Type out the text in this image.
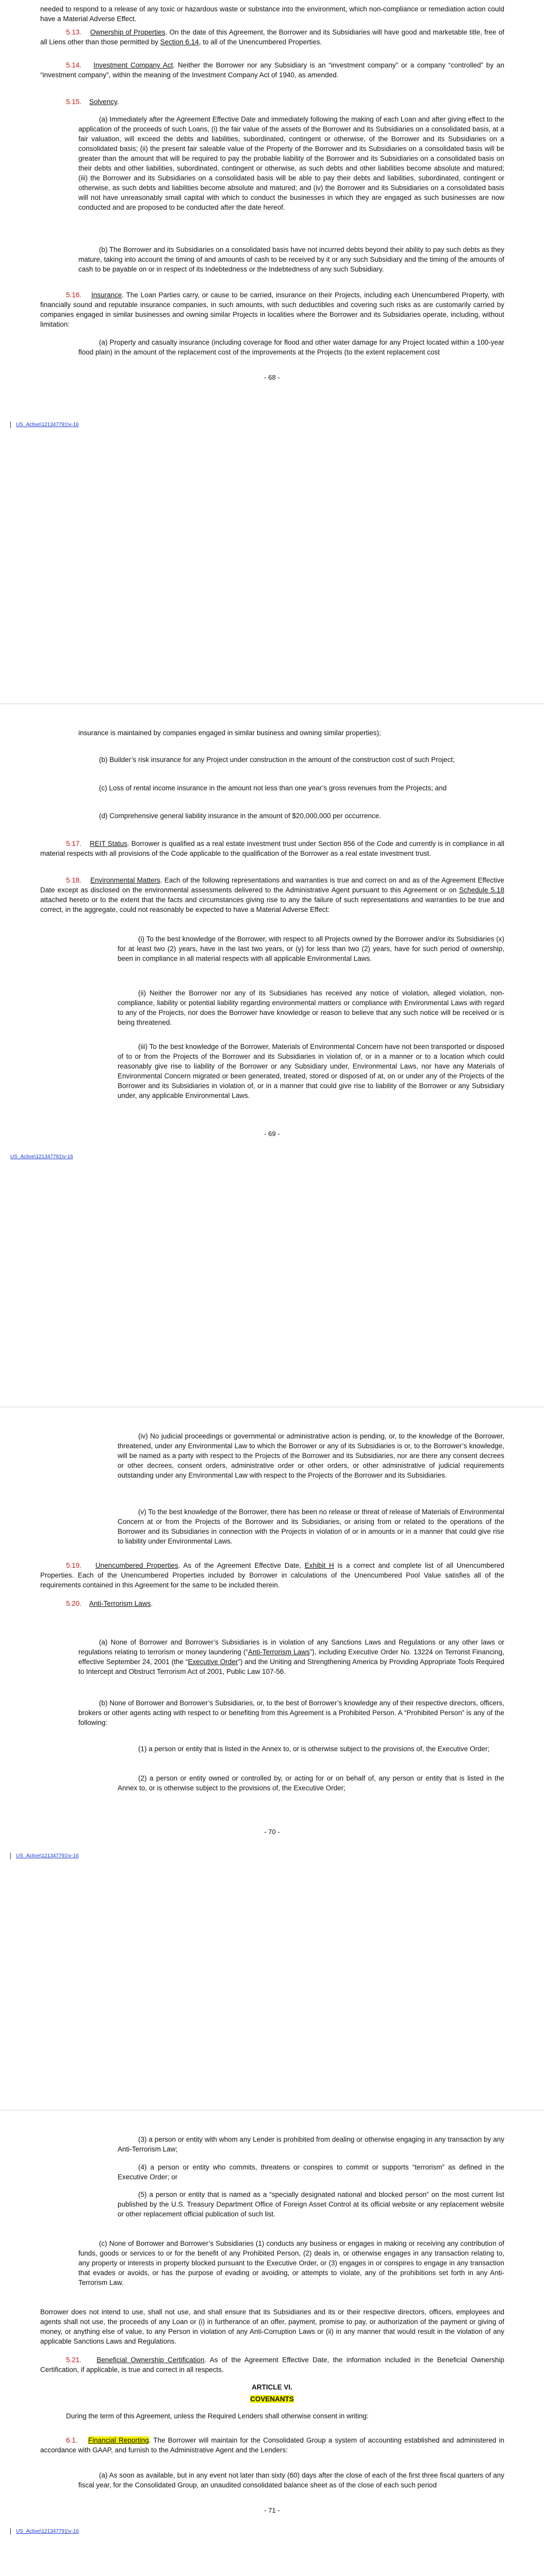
needed to respond to a release of any toxic or hazardous waste or substance into the environment, which non-compliance or remediation action could have a Material Adverse Effect.

5.13. Ownership of Properties. On the date of this Agreement, the Borrower and its Subsidiaries will have good and marketable title, free of all Liens other than those permitted by Section 6.14, to all of the Unencumbered Properties.

5.14. Investment Company Act. Neither the Borrower nor any Subsidiary is an “investment company” or a company “controlled” by an “investment company”, within the meaning of the Investment Company Act of 1940, as amended.

5.15. Solvency.

(a) Immediately after the Agreement Effective Date and immediately following the making of each Loan and after giving effect to the application of the proceeds of such Loans, (i) the fair value of the assets of the Borrower and its Subsidiaries on a consolidated basis, at a fair valuation, will exceed the debts and liabilities, subordinated, contingent or otherwise, of the Borrower and its Subsidiaries on a consolidated basis; (ii) the present fair saleable value of the Property of the Borrower and its Subsidiaries on a consolidated basis will be greater than the amount that will be required to pay the probable liability of the Borrower and its Subsidiaries on a consolidated basis on their debts and other liabilities, subordinated, contingent or otherwise, as such debts and other liabilities become absolute and matured; (iii) the Borrower and its Subsidiaries on a consolidated basis will be able to pay their debts and liabilities, subordinated, contingent or otherwise, as such debts and liabilities become absolute and matured; and (iv) the Borrower and its Subsidiaries on a consolidated basis will not have unreasonably small capital with which to conduct the businesses in which they are engaged as such businesses are now conducted and are proposed to be conducted after the date hereof.

(b) The Borrower and its Subsidiaries on a consolidated basis have not incurred debts beyond their ability to pay such debts as they mature, taking into account the timing of and amounts of cash to be received by it or any such Subsidiary and the timing of the amounts of cash to be payable on or in respect of its Indebtedness or the Indebtedness of any such Subsidiary.

5.16. Insurance. The Loan Parties carry, or cause to be carried, insurance on their Projects, including each Unencumbered Property, with financially sound and reputable insurance companies, in such amounts, with such deductibles and covering such risks as are customarily carried by companies engaged in similar businesses and owning similar Projects in localities where the Borrower and its Subsidiaries operate, including, without limitation:

(a) Property and casualty insurance (including coverage for flood and other water damage for any Project located within a 100-year flood plain) in the amount of the replacement cost of the improvements at the Projects (to the extent replacement cost

- 68 -
US_Active\121347791\v-16

insurance is maintained by companies engaged in similar business and owning similar properties);

(b) Builder’s risk insurance for any Project under construction in the amount of the construction cost of such Project;

(c) Loss of rental income insurance in the amount not less than one year’s gross revenues from the Projects; and

(d) Comprehensive general liability insurance in the amount of $20,000,000 per occurrence.

5.17. REIT Status. Borrower is qualified as a real estate investment trust under Section 856 of the Code and currently is in compliance in all material respects with all provisions of the Code applicable to the qualification of the Borrower as a real estate investment trust.

5.18. Environmental Matters. Each of the following representations and warranties is true and correct on and as of the Agreement Effective Date except as disclosed on the environmental assessments delivered to the Administrative Agent pursuant to this Agreement or on Schedule 5.18 attached hereto or to the extent that the facts and circumstances giving rise to any the failure of such representations and warranties to be true and correct, in the aggregate, could not reasonably be expected to have a Material Adverse Effect:

(i) To the best knowledge of the Borrower, with respect to all Projects owned by the Borrower and/or its Subsidiaries (x) for at least two (2) years, have in the last two years, or (y) for less than two (2) years, have for such period of ownership, been in compliance in all material respects with all applicable Environmental Laws.

(ii) Neither the Borrower nor any of its Subsidiaries has received any notice of violation, alleged violation, non-compliance, liability or potential liability regarding environmental matters or compliance with Environmental Laws with regard to any of the Projects, nor does the Borrower have knowledge or reason to believe that any such notice will be received or is being threatened.

(iii) To the best knowledge of the Borrower, Materials of Environmental Concern have not been transported or disposed of to or from the Projects of the Borrower and its Subsidiaries in violation of, or in a manner or to a location which could reasonably give rise to liability of the Borrower or any Subsidiary under, Environmental Laws, nor have any Materials of Environmental Concern migrated or been generated, treated, stored or disposed of at, on or under any of the Projects of the Borrower and its Subsidiaries in violation of, or in a manner that could give rise to liability of the Borrower or any Subsidiary under, any applicable Environmental Laws.

- 69 -
US_Active\121347791\v-16

(iv) No judicial proceedings or governmental or administrative action is pending, or, to the knowledge of the Borrower, threatened, under any Environmental Law to which the Borrower or any of its Subsidiaries is or, to the Borrower’s knowledge, will be named as a party with respect to the Projects of the Borrower and its Subsidiaries, nor are there any consent decrees or other decrees, consent orders, administrative order or other orders, or other administrative of judicial requirements outstanding under any Environmental Law with respect to the Projects of the Borrower and its Subsidiaries.

(v) To the best knowledge of the Borrower, there has been no release or threat of release of Materials of Environmental Concern at or from the Projects of the Borrower and its Subsidiaries, or arising from or related to the operations of the Borrower and its Subsidiaries in connection with the Projects in violation of or in amounts or in a manner that could give rise to liability under Environmental Laws.

5.19. Unencumbered Properties. As of the Agreement Effective Date, Exhibit H is a correct and complete list of all Unencumbered Properties. Each of the Unencumbered Properties included by Borrower in calculations of the Unencumbered Pool Value satisfies all of the requirements contained in this Agreement for the same to be included therein.

5.20. Anti-Terrorism Laws.

(a) None of Borrower and Borrower’s Subsidiaries is in violation of any Sanctions Laws and Regulations or any other laws or regulations relating to terrorism or money laundering (“Anti-Terrorism Laws”), including Executive Order No. 13224 on Terrorist Financing, effective September 24, 2001 (the “Executive Order”) and the Uniting and Strengthening America by Providing Appropriate Tools Required to Intercept and Obstruct Terrorism Act of 2001, Public Law 107-56.

(b) None of Borrower and Borrower’s Subsidiaries, or, to the best of Borrower’s knowledge any of their respective directors, officers, brokers or other agents acting with respect to or benefiting from this Agreement is a Prohibited Person. A “Prohibited Person” is any of the following:

(1) a person or entity that is listed in the Annex to, or is otherwise subject to the provisions of, the Executive Order;

(2) a person or entity owned or controlled by, or acting for or on behalf of, any person or entity that is listed in the Annex to, or is otherwise subject to the provisions of, the Executive Order;

- 70 -
US_Active\121347791\v-16

(3) a person or entity with whom any Lender is prohibited from dealing or otherwise engaging in any transaction by any Anti-Terrorism Law;

(4) a person or entity who commits, threatens or conspires to commit or supports “terrorism” as defined in the Executive Order; or

(5) a person or entity that is named as a “specially designated national and blocked person” on the most current list published by the U.S. Treasury Department Office of Foreign Asset Control at its official website or any replacement website or other replacement official publication of such list.

(c) None of Borrower and Borrower’s Subsidiaries (1) conducts any business or engages in making or receiving any contribution of funds, goods or services to or for the benefit of any Prohibited Person, (2) deals in, or otherwise engages in any transaction relating to, any property or interests in property blocked pursuant to the Executive Order, or (3) engages in or conspires to engage in any transaction that evades or avoids, or has the purpose of evading or avoiding, or attempts to violate, any of the prohibitions set forth in any Anti-Terrorism Law.

Borrower does not intend to use, shall not use, and shall ensure that its Subsidiaries and its or their respective directors, officers, employees and agents shall not use, the proceeds of any Loan or (i) in furtherance of an offer, payment, promise to pay, or authorization of the payment or giving of money, or anything else of value, to any Person in violation of any Anti-Corruption Laws or (ii) in any manner that would result in the violation of any applicable Sanctions Laws and Regulations.

5.21. Beneficial Ownership Certification. As of the Agreement Effective Date, the information included in the Beneficial Ownership Certification, if applicable, is true and correct in all respects.

ARTICLE VI.
COVENANTS

During the term of this Agreement, unless the Required Lenders shall otherwise consent in writing:

6.1. Financial Reporting. The Borrower will maintain for the Consolidated Group a system of accounting established and administered in accordance with GAAP, and furnish to the Administrative Agent and the Lenders:

(a) As soon as available, but in any event not later than sixty (60) days after the close of each of the first three fiscal quarters of any fiscal year, for the Consolidated Group, an unaudited consolidated balance sheet as of the close of each such period

- 71 -
US_Active\121347791\v-16
